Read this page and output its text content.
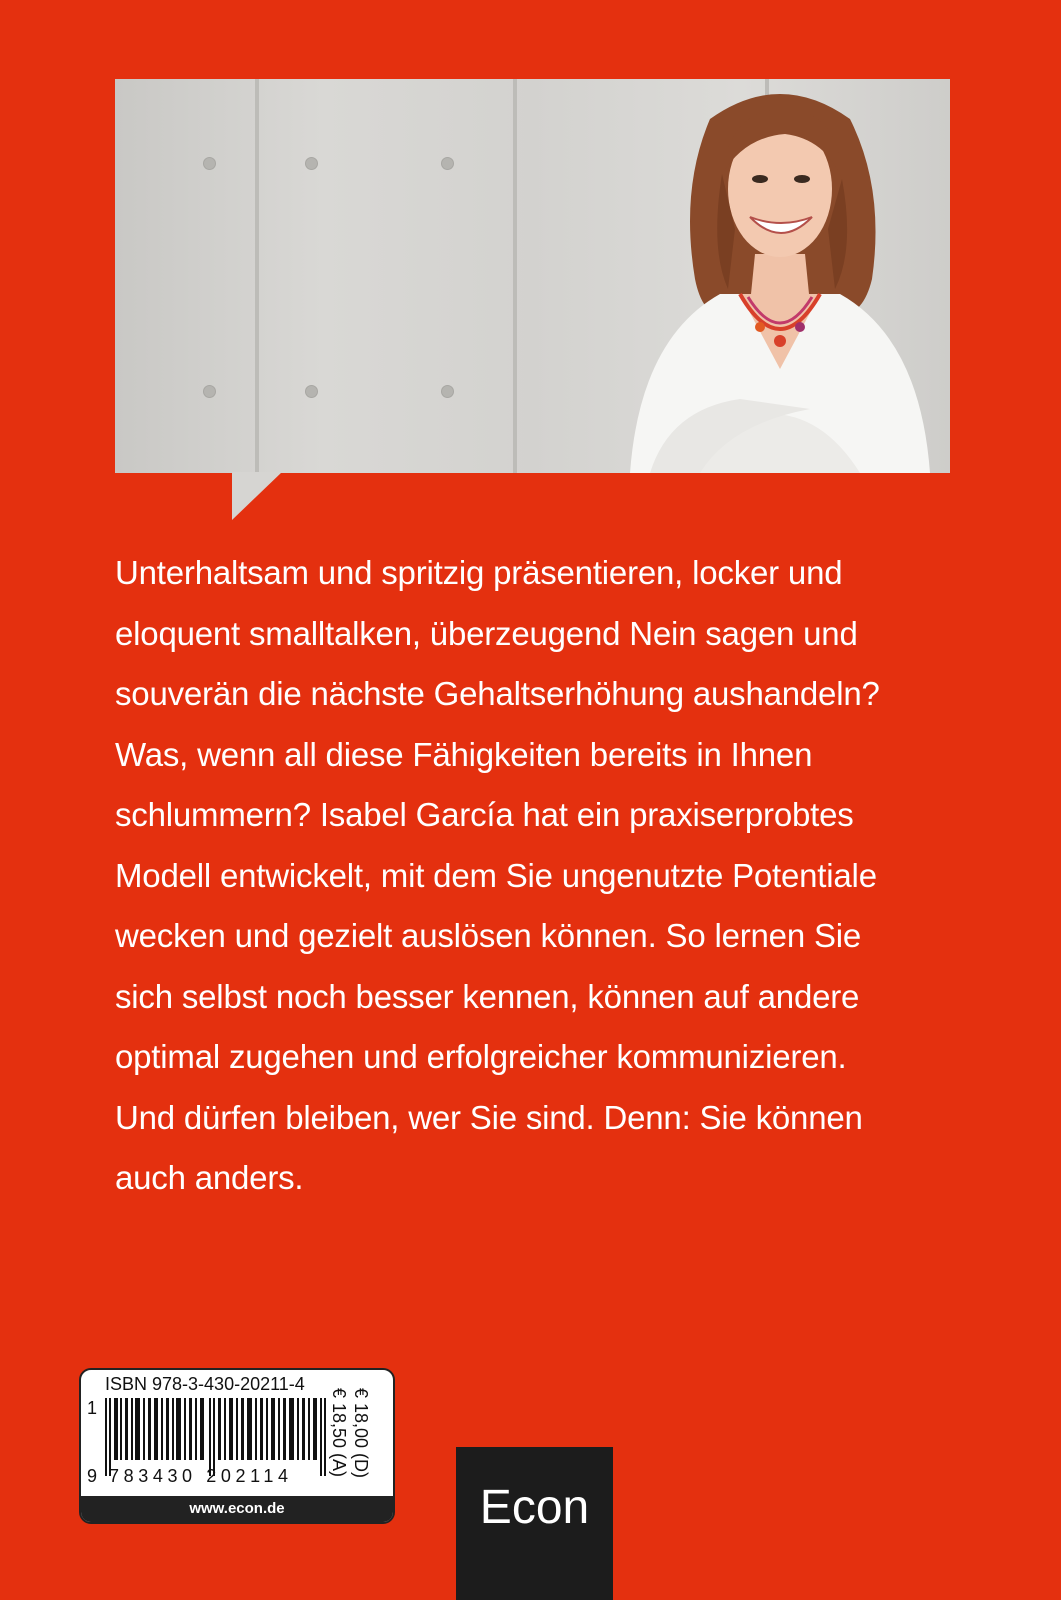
Unterhaltsam und spritzig präsentieren, locker und
eloquent smalltalken, überzeugend Nein sagen und
souverän die nächste Gehaltserhöhung aushandeln?
Was, wenn all diese Fähigkeiten bereits in Ihnen
schlummern? Isabel García hat ein praxiserprobtes
Modell entwickelt, mit dem Sie ungenutzte Potentiale
wecken und gezielt auslösen können. So lernen Sie
sich selbst noch besser kennen, können auf andere
optimal zugehen und erfolgreicher kommunizieren.
Und dürfen bleiben, wer Sie sind. Denn: Sie können
auch anders.

ISBN 978-3-430-20211-4
1
9 783430 202114	€ 18,00 (D)
€ 18,50 (A)
www.econ.de	Econ
